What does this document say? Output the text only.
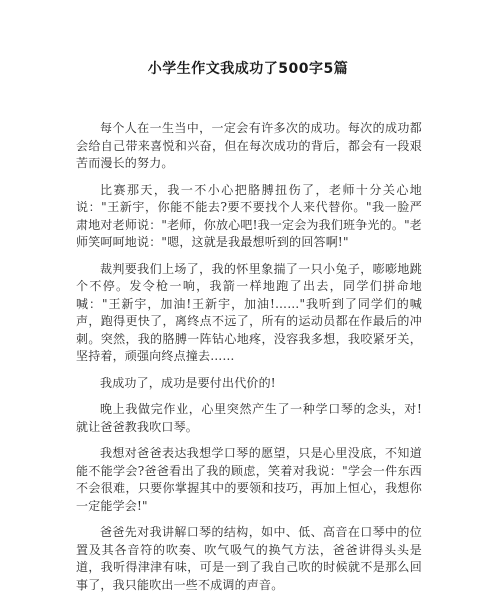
小学生作文我成功了500字5篇

每个人在一生当中，一定会有许多次的成功。每次的成功都会给自己带来喜悦和兴奋，但在每次成功的背后，都会有一段艰苦而漫长的努力。

比赛那天，我一不小心把胳膊扭伤了，老师十分关心地说："王新宇，你能不能去?要不要找个人来代替你。"我一脸严肃地对老师说："老师，你放心吧!我一定会为我们班争光的。"老师笑呵呵地说："嗯，这就是我最想听到的回答啊!"

裁判要我们上场了，我的怀里象揣了一只小兔子，嘭嘭地跳个不停。发令枪一响，我箭一样地跑了出去，同学们拼命地喊："王新宇，加油!王新宇，加油!……"我听到了同学们的喊声，跑得更快了，离终点不远了，所有的运动员都在作最后的冲刺。突然，我的胳膊一阵钻心地疼，没容我多想，我咬紧牙关，坚持着，顽强向终点撞去……

我成功了，成功是要付出代价的!

晚上我做完作业，心里突然产生了一种学口琴的念头，对!就让爸爸教我吹口琴。

我想对爸爸表达我想学口琴的愿望，只是心里没底，不知道能不能学会?爸爸看出了我的顾虑，笑着对我说："学会一件东西不会很难，只要你掌握其中的要领和技巧，再加上恒心，我想你一定能学会!"

爸爸先对我讲解口琴的结构，如中、低、高音在口琴中的位置及其各音符的吹奏、吹气吸气的换气方法，爸爸讲得头头是道，我听得津津有味，可是一到了我自己吹的时候就不是那么回事了，我只能吹出一些不成调的声音。
